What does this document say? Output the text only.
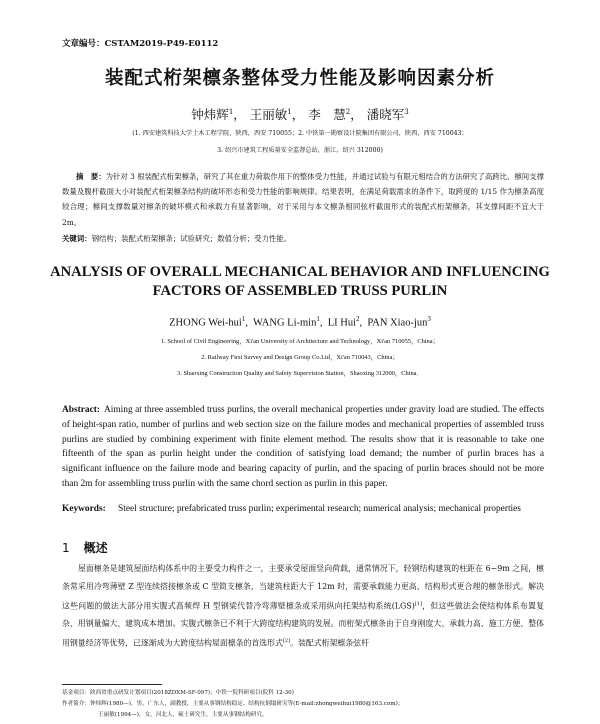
文章编号：CSTAM2019-P49-E0112
装配式桁架檩条整体受力性能及影响因素分析
钟炜辉$^1$， 王丽敏$^1$， 李　慧$^2$， 潘晓军$^3$
(1. 西安建筑科技大学土木工程学院，陕西，西安 710055；2. 中铁第一勘察设计院集团有限公司，陕西，西安 710043；
3. 绍兴市建筑工程质量安全监督总站，浙江，绍兴 312000)
摘　要：为针对 3 根装配式桁架檩条，研究了其在重力荷载作用下的整体受力性能，并通过试验与有限元相结合的方法研究了高跨比、檩间支撑数量及腹杆截面大小对装配式桁架檩条结构的破坏形态和受力性能的影响规律。结果表明，在满足荷载需求的条件下，取跨度的 1/15 作为檩条高度较合理；檩间支撑数量对檩条的破坏模式和承载力有显著影响，对于采用与本文檩条相同弦杆截面形式的装配式桁架檩条，其支撑间距不宜大于 2m。
关键词：钢结构；装配式桁架檩条；试验研究；数值分析；受力性能。
ANALYSIS OF OVERALL MECHANICAL BEHAVIOR AND INFLUENCING
FACTORS OF ASSEMBLED TRUSS PURLIN
ZHONG Wei-hui$^1$,  WANG $Li-\min^1$,  LI Hui$^2$,  PAN Xiao-jun$^3$
1. School of Civil Engineering，Xi'an University of Architecture and Technology，Xi'an 710055，China；
2. Railway First Survey and Design Group Co.Ltd，Xi'an 710043，China；
3. Shaoxing Construction Quality and Safety Supervision Station，Shaoxing 312000，China．
Abstract: Aiming at three assembled truss purlins, the overall mechanical properties under gravity load are studied. The effects of height-span ratio, number of purlins and web section size on the failure modes and mechanical properties of assembled truss purlins are studied by combining experiment with finite element method. The results show that it is reasonable to take one fifteenth of the span as purlin height under the condition of satisfying load demand; the number of purlin braces has a significant influence on the failure mode and bearing capacity of purlin, and the spacing of purlin braces should not be more than 2m for assembling truss purlin with the same chord section as purlin in this paper.
Keywords:	Steel structure; prefabricated truss purlin; experimental research; numerical analysis; mechanical properties
1 概述
屋面檩条是建筑屋面结构体系中的主要受力构件之一，主要承受屋面竖向荷载，通常情况下，轻钢结构建筑的柱距在 6~9m 之间，檩条常采用冷弯薄壁 Z 型连续搭接檩条或 C 型简支檩条，当建筑柱距大于 12m 时，需要承载能力更高、结构形式更合理的檩条形式。解决这些问题的做法大部分用实腹式高频焊 H 型钢梁代替冷弯薄壁檩条或采用纵向托架结构系统(LGS)[1]，但这些做法会使结构体系布置复杂、用钢量偏大、建筑成本增加。实腹式檩条已不利于大跨度结构建筑的发展。而桁架式檩条由于自身刚度大、承载力高、施工方便、整体用钢量经济等优势，已逐渐成为大跨度结构屋面檩条的首选形式[2]。装配式桁架檩条弦杆
基金项目：陕西省重点研发计划项目(2018ZDXM-SF-097)；中铁一院科研项目(院科 12-30)
作者简介：钟炜辉(1980—)，男，广东人，副教授，主要从事钢结构稳定、结构抗倒塌研究等(E-mail:zhongweihui1980@163.com)；
王丽敏(1994—)，女，河北人，硕士研究生，主要从事钢结构研究。
